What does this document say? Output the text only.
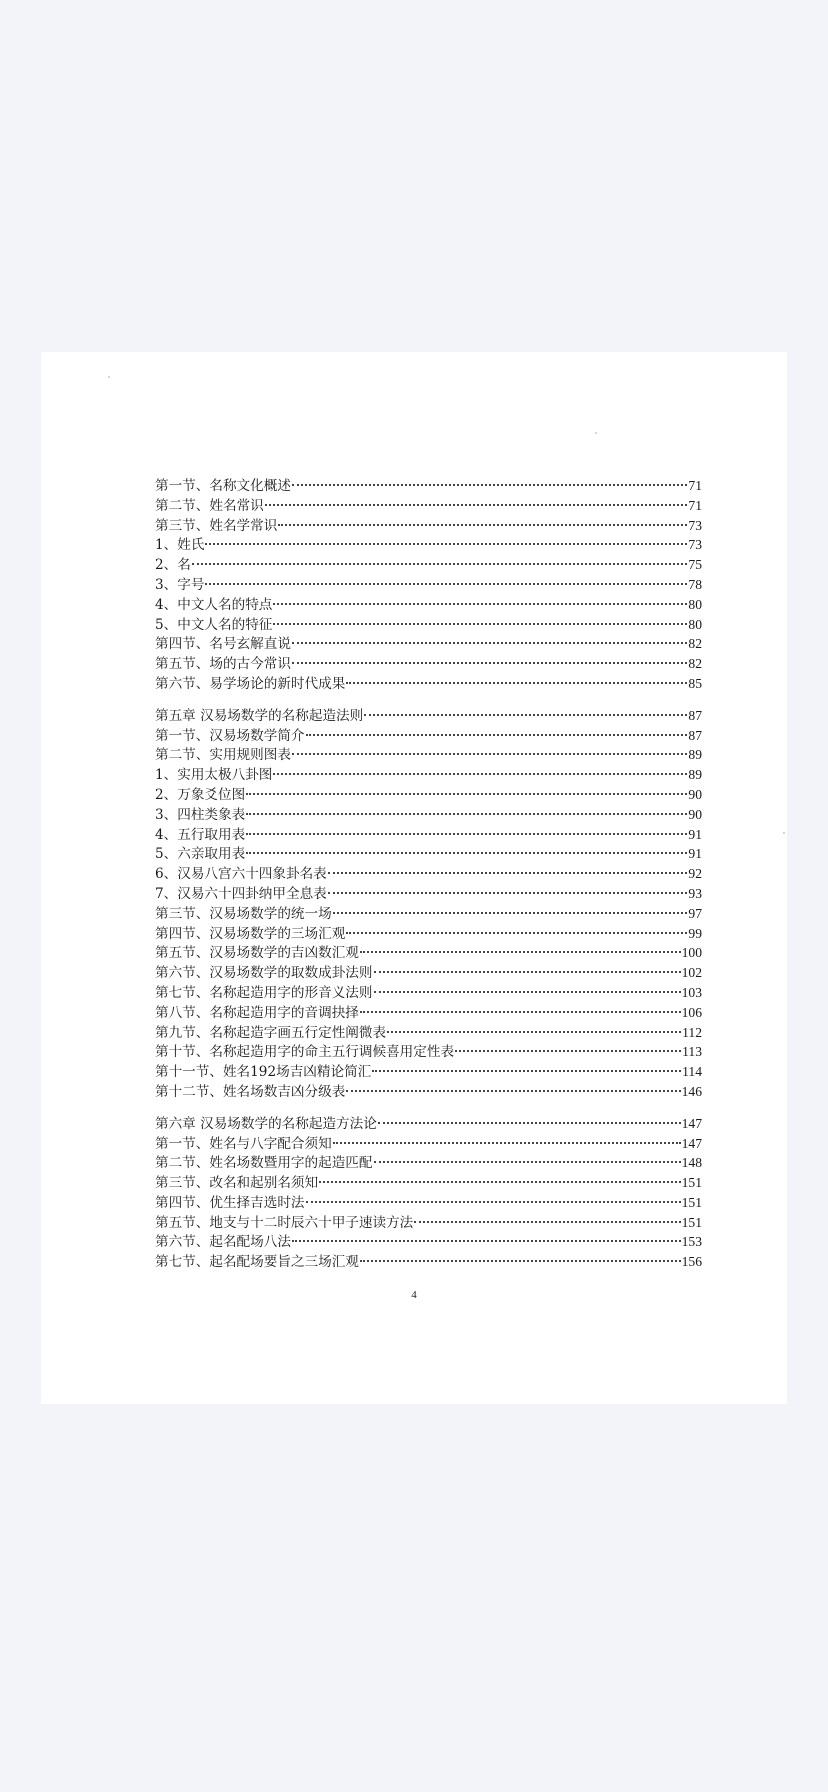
第一节、名称文化概述	71
第二节、姓名常识	71
第三节、姓名学常识	73
1、姓氏	73
2、名	75
3、字号	78
4、中文人名的特点	80
5、中文人名的特征	80
第四节、名号玄解直说	82
第五节、场的古今常识	82
第六节、易学场论的新时代成果	85
第五章 汉易场数学的名称起造法则	87
第一节、汉易场数学简介	87
第二节、实用规则图表	89
1、实用太极八卦图	89
2、万象爻位图	90
3、四柱类象表	90
4、五行取用表	91
5、六亲取用表	91
6、汉易八宫六十四象卦名表	92
7、汉易六十四卦纳甲全息表	93
第三节、汉易场数学的统一场	97
第四节、汉易场数学的三场汇观	99
第五节、汉易场数学的吉凶数汇观	100
第六节、汉易场数学的取数成卦法则	102
第七节、名称起造用字的形音义法则	103
第八节、名称起造用字的音调抉择	106
第九节、名称起造字画五行定性阐微表	112
第十节、名称起造用字的命主五行调候喜用定性表	113
第十一节、姓名192场吉凶精论简汇	114
第十二节、姓名场数吉凶分级表	146
第六章 汉易场数学的名称起造方法论	147
第一节、姓名与八字配合须知	147
第二节、姓名场数暨用字的起造匹配	148
第三节、改名和起别名须知	151
第四节、优生择吉选时法	151
第五节、地支与十二时辰六十甲子速读方法	151
第六节、起名配场八法	153
第七节、起名配场要旨之三场汇观	156
4
